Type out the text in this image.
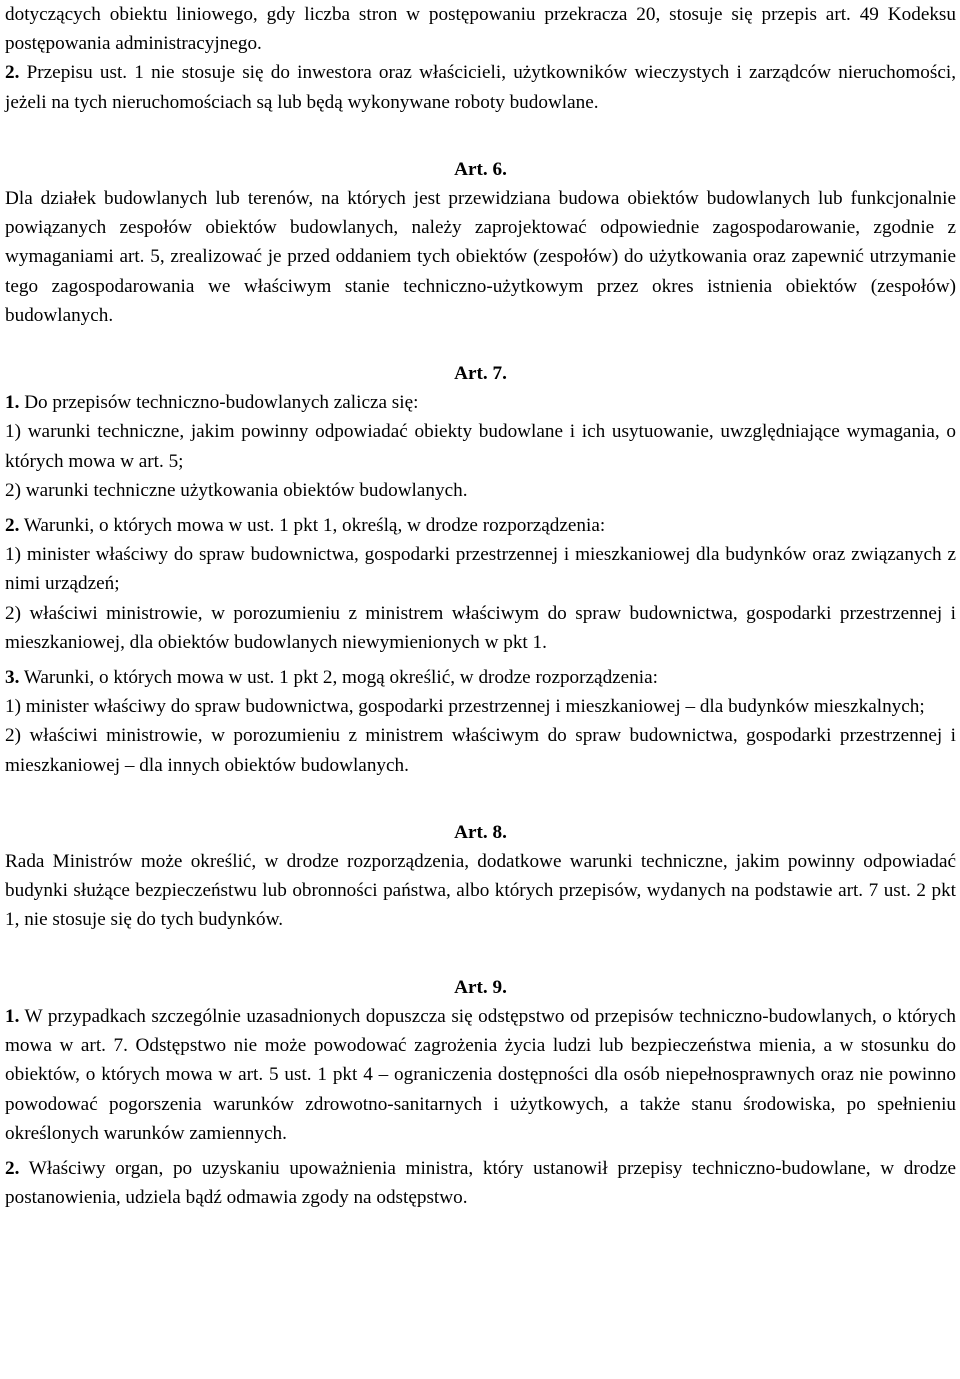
dotyczących obiektu liniowego, gdy liczba stron w postępowaniu przekracza 20, stosuje się przepis art. 49 Kodeksu postępowania administracyjnego.

2. Przepisu ust. 1 nie stosuje się do inwestora oraz właścicieli, użytkowników wieczystych i zarządców nieruchomości, jeżeli na tych nieruchomościach są lub będą wykonywane roboty budowlane.

Art. 6.

Dla działek budowlanych lub terenów, na których jest przewidziana budowa obiektów budowlanych lub funkcjonalnie powiązanych zespołów obiektów budowlanych, należy zaprojektować odpowiednie zagospodarowanie, zgodnie z wymaganiami art. 5, zrealizować je przed oddaniem tych obiektów (zespołów) do użytkowania oraz zapewnić utrzymanie tego zagospodarowania we właściwym stanie techniczno-użytkowym przez okres istnienia obiektów (zespołów) budowlanych.

Art. 7.

1. Do przepisów techniczno-budowlanych zalicza się:

1) warunki techniczne, jakim powinny odpowiadać obiekty budowlane i ich usytuowanie, uwzględniające wymagania, o których mowa w art. 5;

2) warunki techniczne użytkowania obiektów budowlanych.

2. Warunki, o których mowa w ust. 1 pkt 1, określą, w drodze rozporządzenia:

1) minister właściwy do spraw budownictwa, gospodarki przestrzennej i mieszkaniowej dla budynków oraz związanych z nimi urządzeń;

2) właściwi ministrowie, w porozumieniu z ministrem właściwym do spraw budownictwa, gospodarki przestrzennej i mieszkaniowej, dla obiektów budowlanych niewymienionych w pkt 1.

3. Warunki, o których mowa w ust. 1 pkt 2, mogą określić, w drodze rozporządzenia:

1) minister właściwy do spraw budownictwa, gospodarki przestrzennej i mieszkaniowej – dla budynków mieszkalnych;

2) właściwi ministrowie, w porozumieniu z ministrem właściwym do spraw budownictwa, gospodarki przestrzennej i mieszkaniowej – dla innych obiektów budowlanych.

Art. 8.

Rada Ministrów może określić, w drodze rozporządzenia, dodatkowe warunki techniczne, jakim powinny odpowiadać budynki służące bezpieczeństwu lub obronności państwa, albo których przepisów, wydanych na podstawie art. 7 ust. 2 pkt 1, nie stosuje się do tych budynków.

Art. 9.

1. W przypadkach szczególnie uzasadnionych dopuszcza się odstępstwo od przepisów techniczno-budowlanych, o których mowa w art. 7. Odstępstwo nie może powodować zagrożenia życia ludzi lub bezpieczeństwa mienia, a w stosunku do obiektów, o których mowa w art. 5 ust. 1 pkt 4 – ograniczenia dostępności dla osób niepełnosprawnych oraz nie powinno powodować pogorszenia warunków zdrowotno-sanitarnych i użytkowych, a także stanu środowiska, po spełnieniu określonych warunków zamiennych.

2. Właściwy organ, po uzyskaniu upoważnienia ministra, który ustanowił przepisy techniczno-budowlane, w drodze postanowienia, udziela bądź odmawia zgody na odstępstwo.
